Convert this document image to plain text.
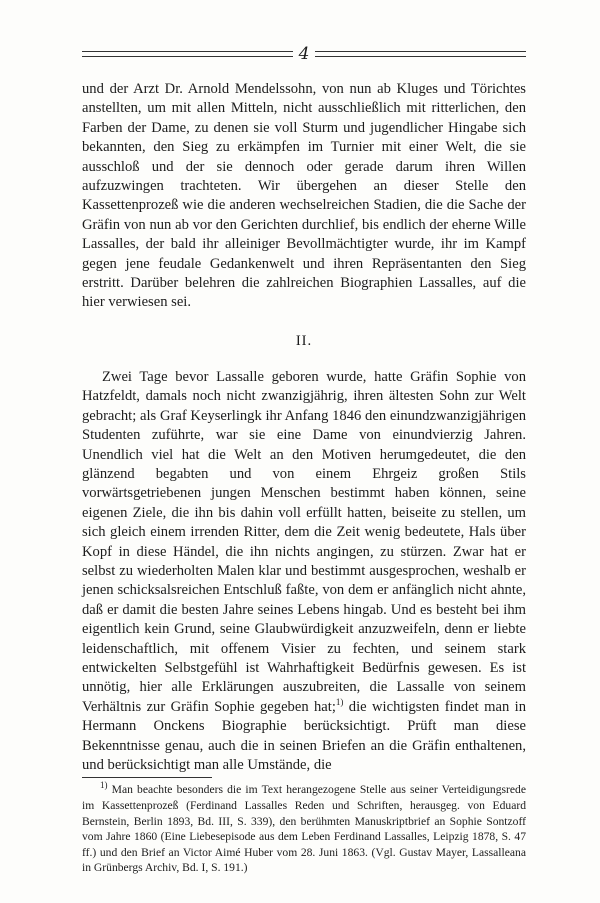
4

und der Arzt Dr. Arnold Mendelssohn, von nun ab Kluges und Törichtes anstellten, um mit allen Mitteln, nicht ausschließlich mit ritterlichen, den Farben der Dame, zu denen sie voll Sturm und jugendlicher Hingabe sich bekannten, den Sieg zu erkämpfen im Turnier mit einer Welt, die sie ausschloß und der sie dennoch oder gerade darum ihren Willen aufzuzwingen trachteten. Wir übergehen an dieser Stelle den Kassettenprozeß wie die anderen wechselreichen Stadien, die die Sache der Gräfin von nun ab vor den Gerichten durchlief, bis endlich der eherne Wille Lassalles, der bald ihr alleiniger Bevollmächtigter wurde, ihr im Kampf gegen jene feudale Gedankenwelt und ihren Repräsentanten den Sieg erstritt. Darüber belehren die zahlreichen Biographien Lassalles, auf die hier verwiesen sei.

II.

Zwei Tage bevor Lassalle geboren wurde, hatte Gräfin Sophie von Hatzfeldt, damals noch nicht zwanzigjährig, ihren ältesten Sohn zur Welt gebracht; als Graf Keyserlingk ihr Anfang 1846 den einundzwanzigjährigen Studenten zuführte, war sie eine Dame von einundvierzig Jahren. Unendlich viel hat die Welt an den Motiven herumgedeutet, die den glänzend begabten und von einem Ehrgeiz großen Stils vorwärtsgetriebenen jungen Menschen bestimmt haben können, seine eigenen Ziele, die ihn bis dahin voll erfüllt hatten, beiseite zu stellen, um sich gleich einem irrenden Ritter, dem die Zeit wenig bedeutete, Hals über Kopf in diese Händel, die ihn nichts angingen, zu stürzen. Zwar hat er selbst zu wiederholten Malen klar und bestimmt ausgesprochen, weshalb er jenen schicksalsreichen Entschluß faßte, von dem er anfänglich nicht ahnte, daß er damit die besten Jahre seines Lebens hingab. Und es besteht bei ihm eigentlich kein Grund, seine Glaubwürdigkeit anzuzweifeln, denn er liebte leidenschaftlich, mit offenem Visier zu fechten, und seinem stark entwickelten Selbstgefühl ist Wahrhaftigkeit Bedürfnis gewesen. Es ist unnötig, hier alle Erklärungen auszubreiten, die Lassalle von seinem Verhältnis zur Gräfin Sophie gegeben hat;$^{1)}$ die wichtigsten findet man in Hermann Onckens Biographie berücksichtigt. Prüft man diese Bekenntnisse genau, auch die in seinen Briefen an die Gräfin enthaltenen, und berücksichtigt man alle Umstände, die

$^{1)}$ Man beachte besonders die im Text herangezogene Stelle aus seiner Verteidigungsrede im Kassettenprozeß (Ferdinand Lassalles Reden und Schriften, herausgeg. von Eduard Bernstein, Berlin 1893, Bd. III, S. 339), den berühmten Manuskriptbrief an Sophie Sontzoff vom Jahre 1860 (Eine Liebesepisode aus dem Leben Ferdinand Lassalles, Leipzig 1878, S. 47 ff.) und den Brief an Victor Aimé Huber vom 28. Juni 1863. (Vgl. Gustav Mayer, Lassalleana in Grünbergs Archiv, Bd. I, S. 191.)
